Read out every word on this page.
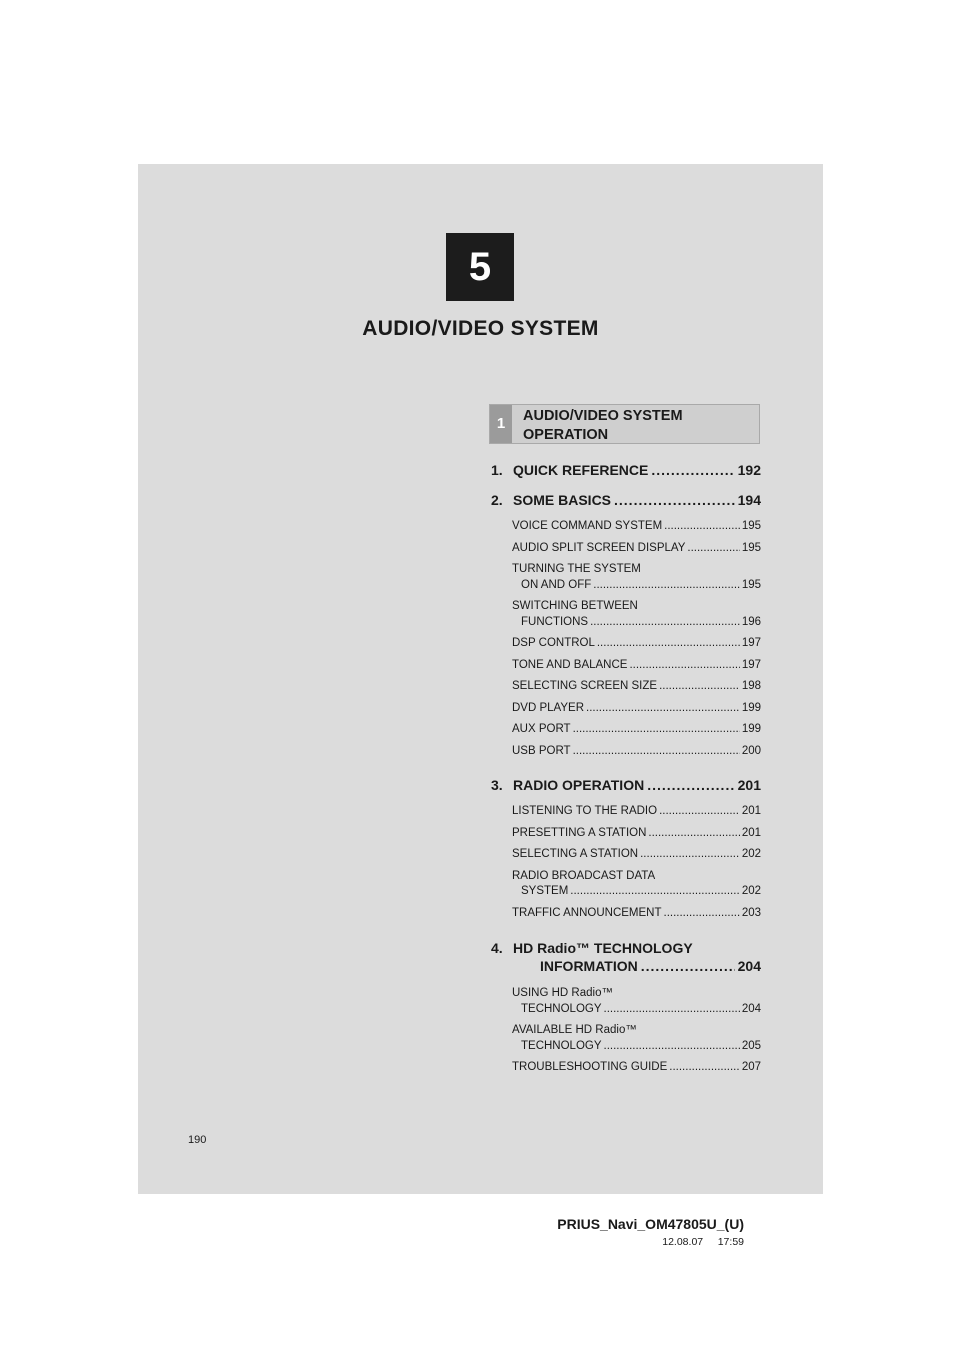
5
AUDIO/VIDEO SYSTEM
1	AUDIO/VIDEO SYSTEM
OPERATION
1. QUICK REFERENCE .....	192
2. SOME BASICS .....	194
VOICE COMMAND SYSTEM .....	195
AUDIO SPLIT SCREEN DISPLAY .....	195
TURNING THE SYSTEM
ON AND OFF .....	195
SWITCHING BETWEEN
FUNCTIONS .....	196
DSP CONTROL .....	197
TONE AND BALANCE .....	197
SELECTING SCREEN SIZE .....	198
DVD PLAYER .....	199
AUX PORT .....	199
USB PORT .....	200
3. RADIO OPERATION .....	201
LISTENING TO THE RADIO .....	201
PRESETTING A STATION .....	201
SELECTING A STATION .....	202
RADIO BROADCAST DATA
SYSTEM .....	202
TRAFFIC ANNOUNCEMENT .....	203
4. HD Radio™ TECHNOLOGY
INFORMATION .....	204
USING HD Radio™
TECHNOLOGY .....	204
AVAILABLE HD Radio™
TECHNOLOGY .....	205
TROUBLESHOOTING GUIDE .....	207
190
PRIUS_Navi_OM47805U_(U)
12.08.07 17:59
